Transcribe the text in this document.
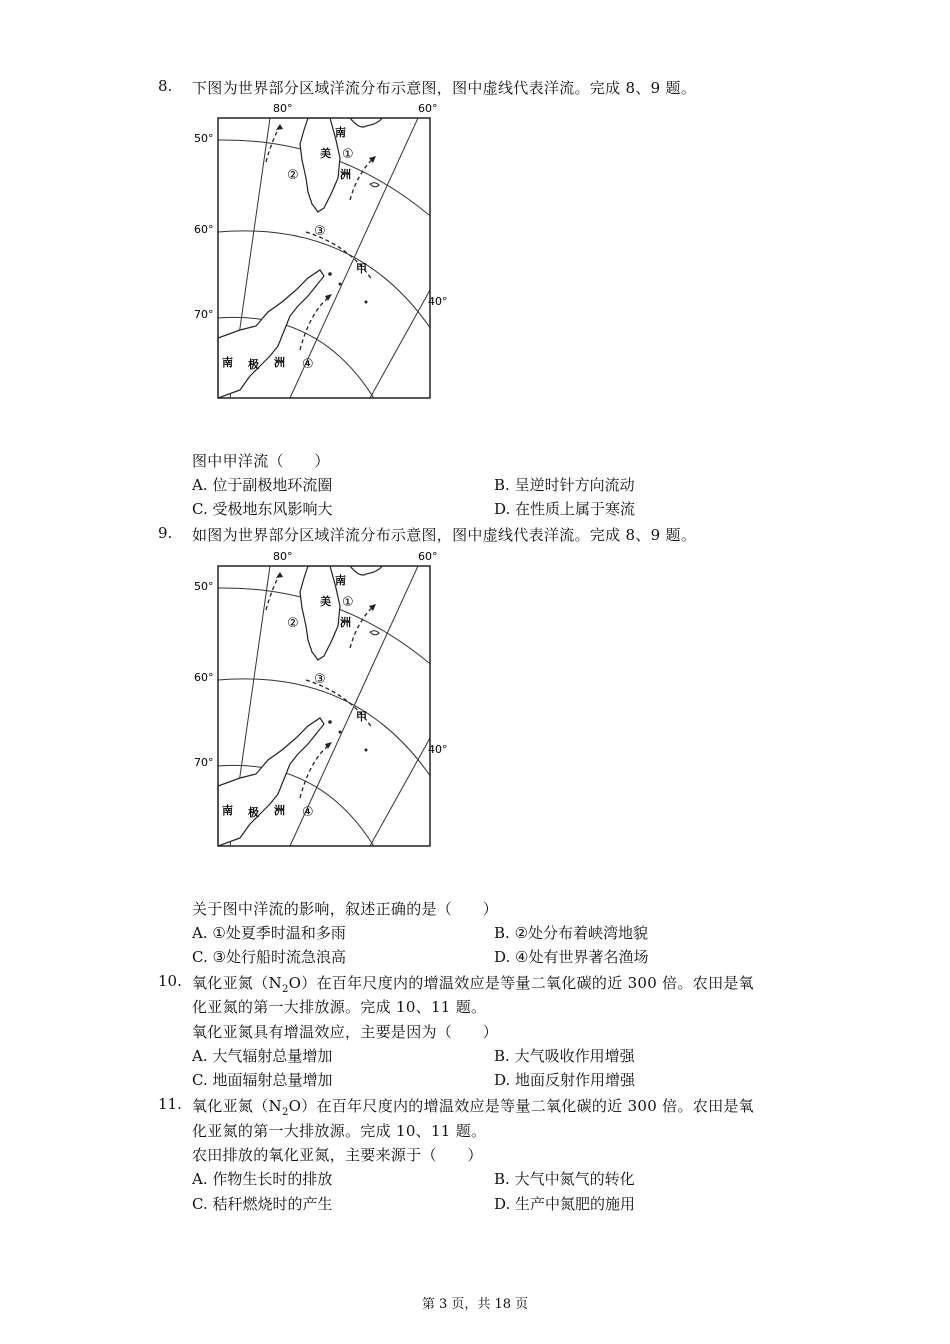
8. 下图为世界部分区域洋流分布示意图，图中虚线代表洋流。完成 8、9 题。
80°	60°
40°
50°
60°
70°
南
美
洲
南 极 洲
①
②
③
④
甲
图中甲洋流（　　）
A. 位于副极地环流圈	B. 呈逆时针方向流动
C. 受极地东风影响大	D. 在性质上属于寒流
9. 如图为世界部分区域洋流分布示意图，图中虚线代表洋流。完成 8、9 题。
80°	60°
40°
50°
60°
70°
南
美
洲
南 极 洲
①
②
③
④
甲
关于图中洋流的影响，叙述正确的是（　　）
A. ①处夏季时温和多雨	B. ②处分布着峡湾地貌
C. ③处行船时流急浪高	D. ④处有世界著名渔场
10. 氧化亚氮$(N_2O)$在百年尺度内的增温效应是等量二氧化碳的近 300 倍。农田是氧
化亚氮的第一大排放源。完成 10、11 题。
氧化亚氮具有增温效应，主要是因为（　　）
A. 大气辐射总量增加	B. 大气吸收作用增强
C. 地面辐射总量增加	D. 地面反射作用增强
11. 氧化亚氮$(N_2O)$在百年尺度内的增温效应是等量二氧化碳的近 300 倍。农田是氧
化亚氮的第一大排放源。完成 10、11 题。
农田排放的氧化亚氮，主要来源于（　　）
A. 作物生长时的排放	B. 大气中氮气的转化
C. 秸秆燃烧时的产生	D. 生产中氮肥的施用
第 3 页，共 18 页
